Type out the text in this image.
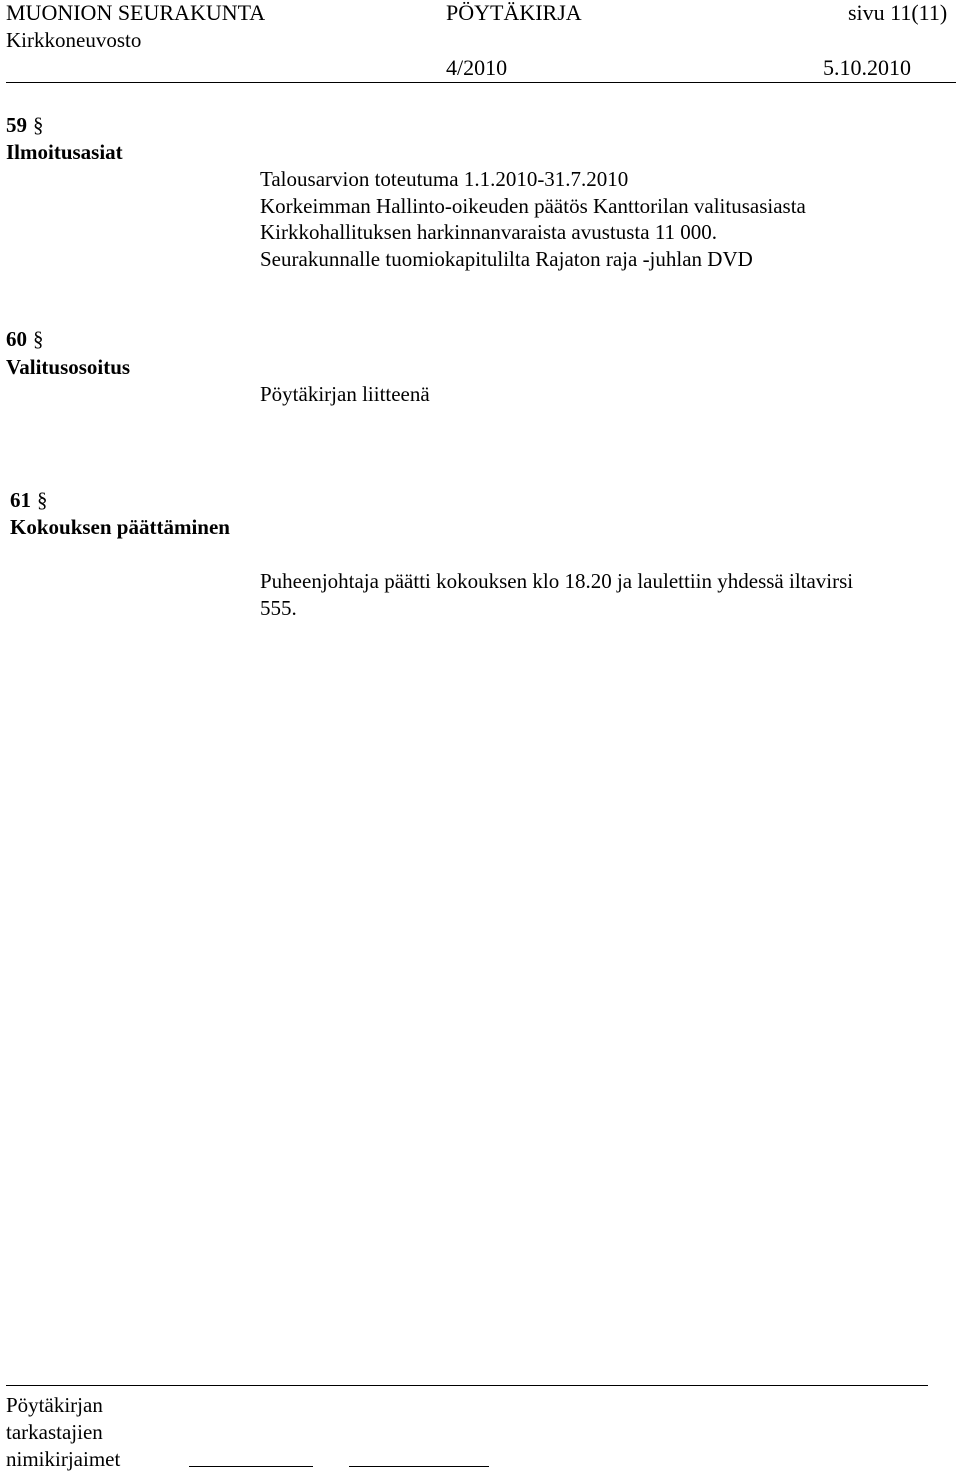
MUONION SEURAKUNTA	PÖYTÄKIRJA	sivu 11(11)
Kirkkoneuvosto
4/2010	5.10.2010
59 §
Ilmoitusasiat
Talousarvion toteutuma 1.1.2010-31.7.2010
Korkeimman Hallinto-oikeuden päätös Kanttorilan valitusasiasta
Kirkkohallituksen harkinnanvaraista avustusta 11 000.
Seurakunnalle tuomiokapitulilta Rajaton raja -juhlan DVD
60 §
Valitusosoitus
Pöytäkirjan liitteenä
61 §
Kokouksen päättäminen
Puheenjohtaja päätti kokouksen klo 18.20 ja laulettiin yhdessä iltavirsi
555.
Pöytäkirjan
tarkastajien
nimikirjaimet
